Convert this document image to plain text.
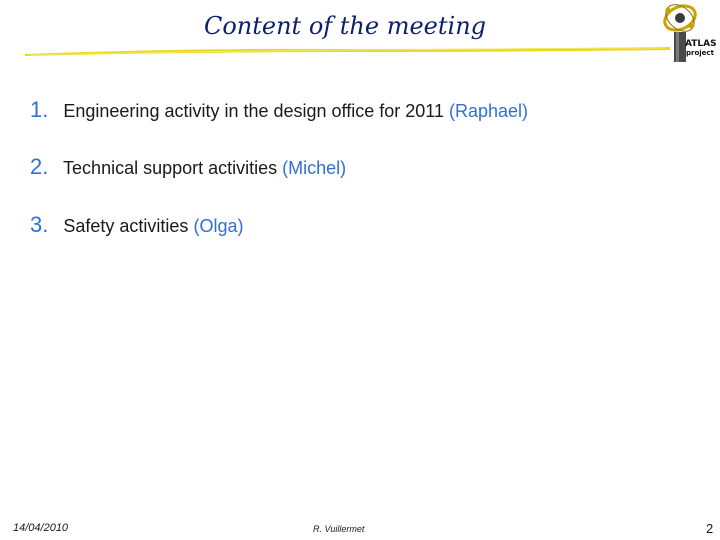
Content of the meeting
ATLAS
project
1. Engineering activity in the design office for 2011 (Raphael)
2. Technical support activities (Michel)
3. Safety activities (Olga)
14/04/2010	R. Vuillermet	2
